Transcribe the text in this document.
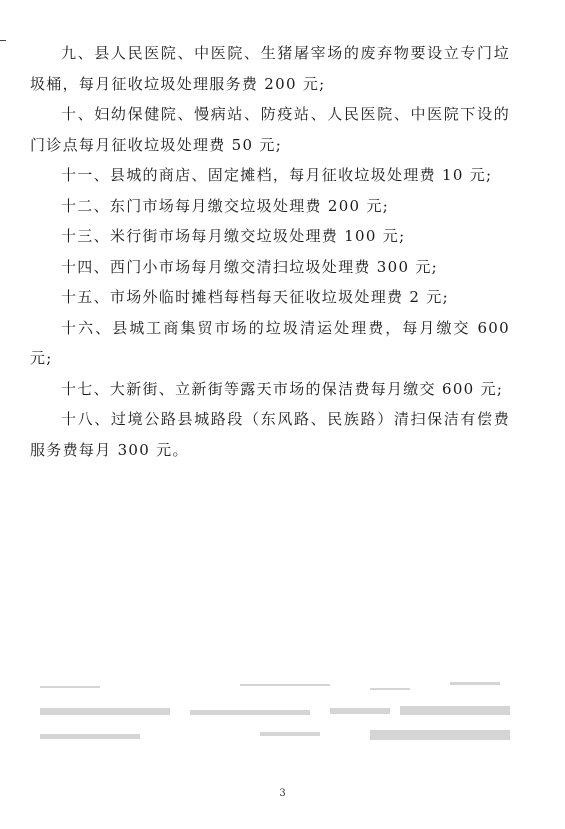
九、县人民医院、中医院、生猪屠宰场的废弃物要设立专门垃圾桶，每月征收垃圾处理服务费 200 元;

十、妇幼保健院、慢病站、防疫站、人民医院、中医院下设的门诊点每月征收垃圾处理费 50 元;

十一、县城的商店、固定摊档，每月征收垃圾处理费 10 元;

十二、东门市场每月缴交垃圾处理费 200 元;

十三、米行街市场每月缴交垃圾处理费 100 元;

十四、西门小市场每月缴交清扫垃圾处理费 300 元;

十五、市场外临时摊档每档每天征收垃圾处理费 2 元;

十六、县城工商集贸市场的垃圾清运处理费，每月缴交 600 元;

十七、大新街、立新街等露天市场的保洁费每月缴交 600 元;

十八、过境公路县城路段（东风路、民族路）清扫保洁有偿费服务费每月 300 元。

3
